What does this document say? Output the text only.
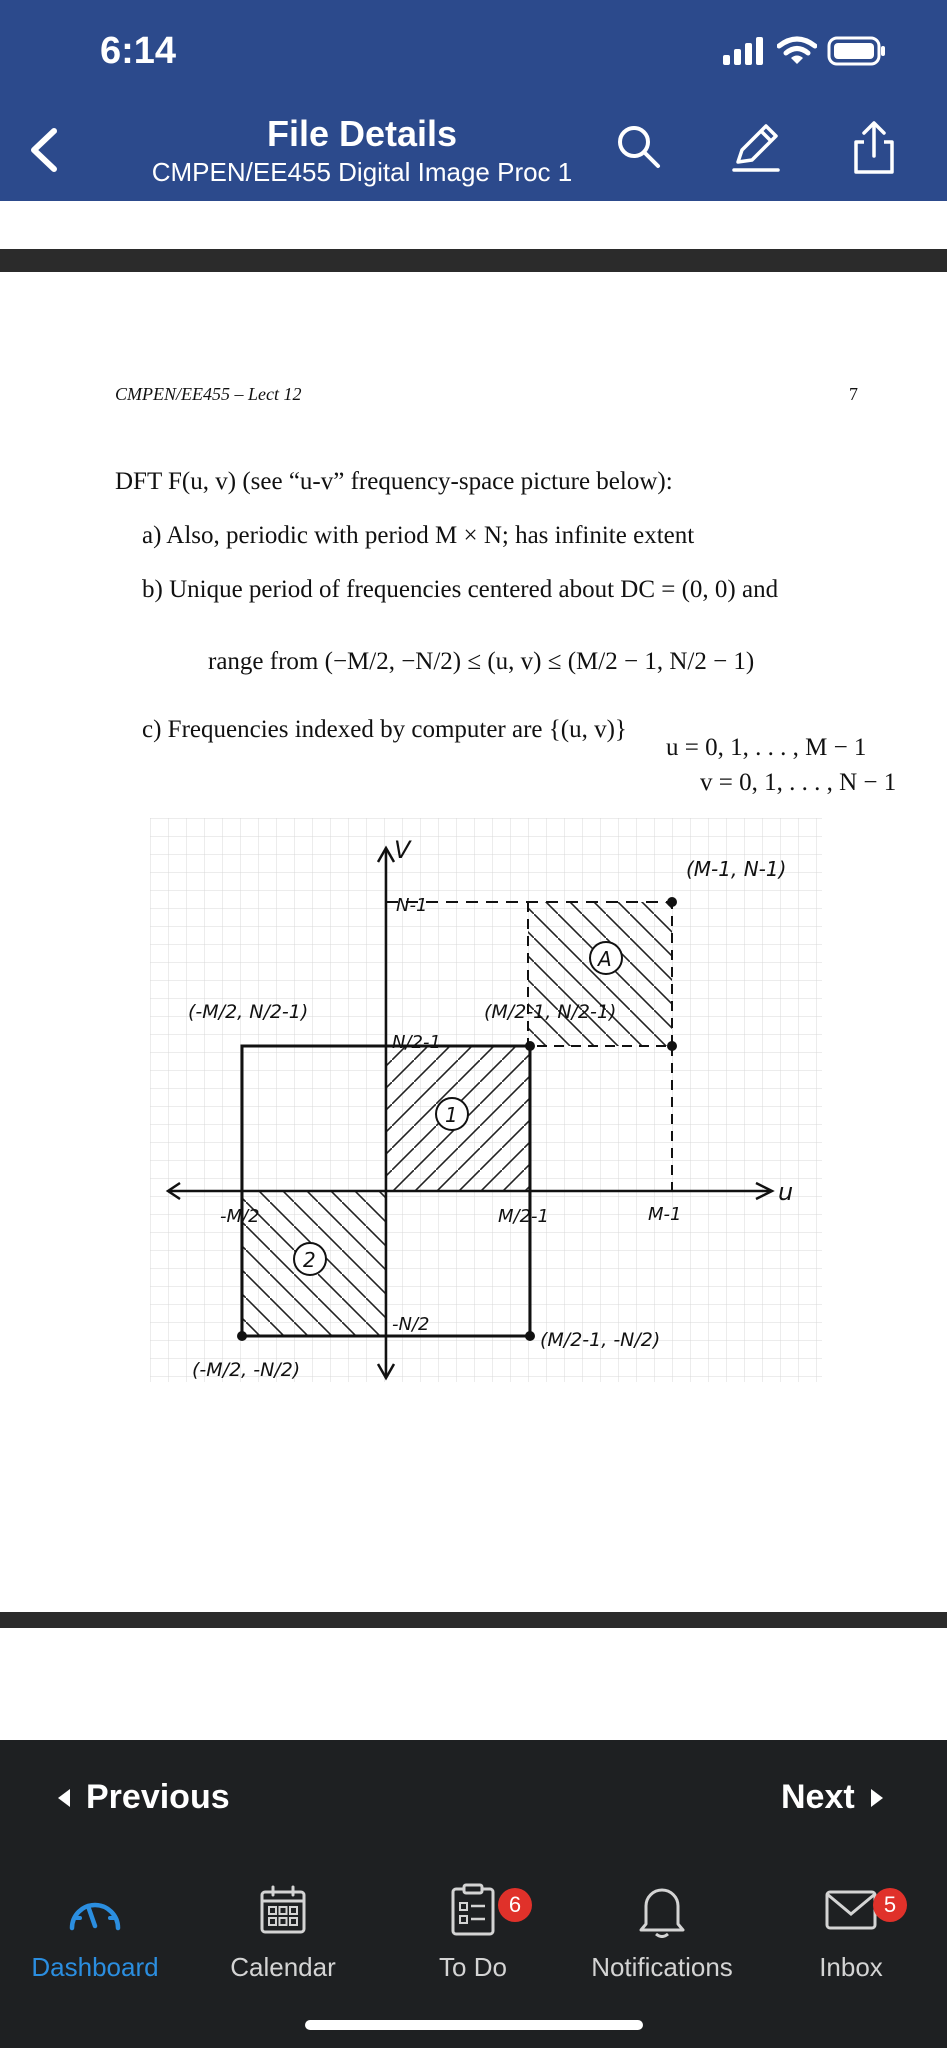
6:14
File Details
CMPEN/EE455 Digital Image Proc 1
CMPEN/EE455 – Lect 12	7
DFT F(u, v) (see “u-v” frequency-space picture below):
a) Also, periodic with period M × N; has infinite extent
b) Unique period of frequencies centered about DC = (0, 0) and
range from (−M/2, −N/2) ≤ (u, v) ≤ (M/2 − 1, N/2 − 1)
c) Frequencies indexed by computer are {(u, v)}
u = 0, 1, . . . , M − 1
v = 0, 1, . . . , N − 1
V
u
N-1
M-1
(M-1, N-1)
(-M/2, N/2-1)	(M/2-1, N/2-1)
(M/2-1, -N/2)
(-M/2, -N/2)
N/2-1
M/2-1
-M/2
-N/2
A
1
2
Previous	Next
Dashboard	Calendar	To Do
6
Notifications	Inbox
5
